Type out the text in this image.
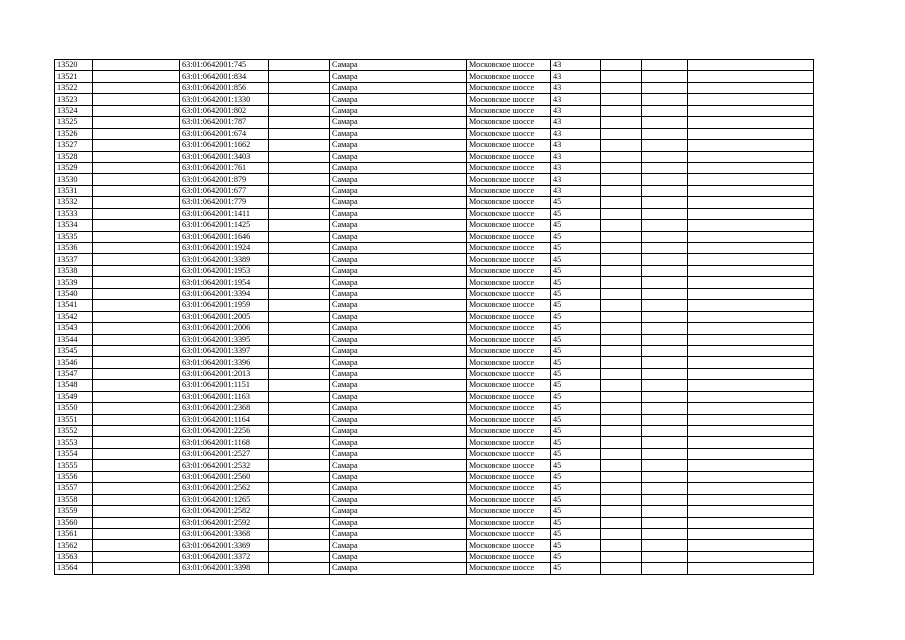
13520		63:01:0642001:745		Самара	Московское шоссе	43			
13521		63:01:0642001:834		Самара	Московское шоссе	43			
13522		63:01:0642001:856		Самара	Московское шоссе	43			
13523		63:01:0642001:1330		Самара	Московское шоссе	43			
13524		63:01:0642001:802		Самара	Московское шоссе	43			
13525		63:01:0642001:787		Самара	Московское шоссе	43			
13526		63:01:0642001:674		Самара	Московское шоссе	43			
13527		63:01:0642001:1662		Самара	Московское шоссе	43			
13528		63:01:0642001:3403		Самара	Московское шоссе	43			
13529		63:01:0642001:761		Самара	Московское шоссе	43			
13530		63:01:0642001:879		Самара	Московское шоссе	43			
13531		63:01:0642001:677		Самара	Московское шоссе	43			
13532		63:01:0642001:779		Самара	Московское шоссе	45			
13533		63:01:0642001:1411		Самара	Московское шоссе	45			
13534		63:01:0642001:1425		Самара	Московское шоссе	45			
13535		63:01:0642001:1646		Самара	Московское шоссе	45			
13536		63:01:0642001:1924		Самара	Московское шоссе	45			
13537		63:01:0642001:3389		Самара	Московское шоссе	45			
13538		63:01:0642001:1953		Самара	Московское шоссе	45			
13539		63:01:0642001:1954		Самара	Московское шоссе	45			
13540		63:01:0642001:3394		Самара	Московское шоссе	45			
13541		63:01:0642001:1959		Самара	Московское шоссе	45			
13542		63:01:0642001:2005		Самара	Московское шоссе	45			
13543		63:01:0642001:2006		Самара	Московское шоссе	45			
13544		63:01:0642001:3395		Самара	Московское шоссе	45			
13545		63:01:0642001:3397		Самара	Московское шоссе	45			
13546		63:01:0642001:3396		Самара	Московское шоссе	45			
13547		63:01:0642001:2013		Самара	Московское шоссе	45			
13548		63:01:0642001:1151		Самара	Московское шоссе	45			
13549		63:01:0642001:1163		Самара	Московское шоссе	45			
13550		63:01:0642001:2368		Самара	Московское шоссе	45			
13551		63:01:0642001:1164		Самара	Московское шоссе	45			
13552		63:01:0642001:2256		Самара	Московское шоссе	45			
13553		63:01:0642001:1168		Самара	Московское шоссе	45			
13554		63:01:0642001:2527		Самара	Московское шоссе	45			
13555		63:01:0642001:2532		Самара	Московское шоссе	45			
13556		63:01:0642001:2560		Самара	Московское шоссе	45			
13557		63:01:0642001:2562		Самара	Московское шоссе	45			
13558		63:01:0642001:1265		Самара	Московское шоссе	45			
13559		63:01:0642001:2582		Самара	Московское шоссе	45			
13560		63:01:0642001:2592		Самара	Московское шоссе	45			
13561		63:01:0642001:3368		Самара	Московское шоссе	45			
13562		63:01:0642001:3369		Самара	Московское шоссе	45			
13563		63:01:0642001:3372		Самара	Московское шоссе	45			
13564		63:01:0642001:3398		Самара	Московское шоссе	45			
